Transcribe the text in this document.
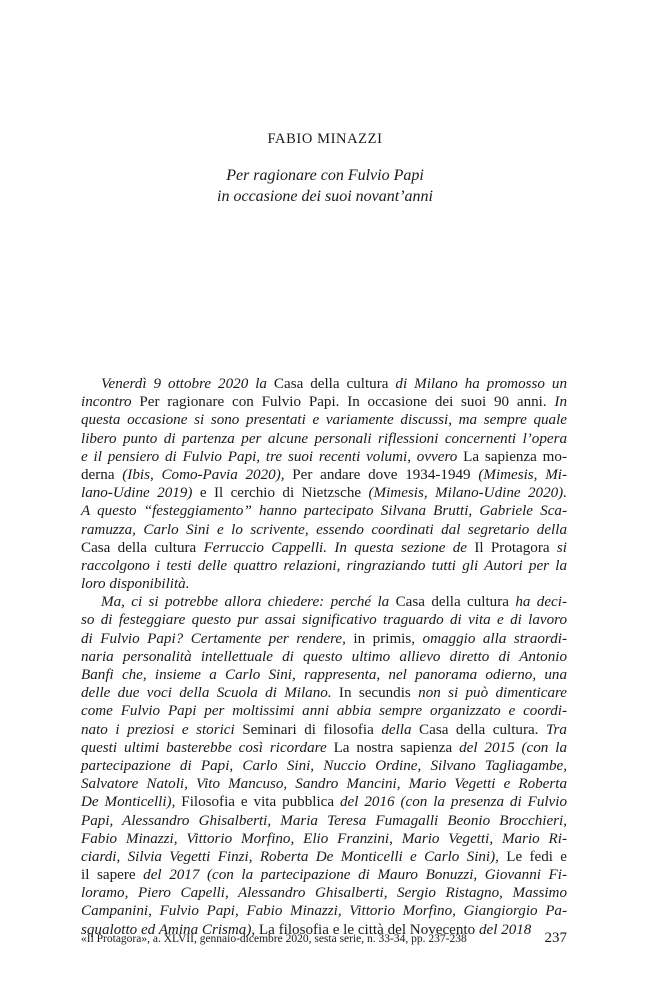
FABIO MINAZZI
Per ragionare con Fulvio Papi
in occasione dei suoi novant’anni
Venerdì 9 ottobre 2020 la Casa della cultura di Milano ha promosso un
incontro Per ragionare con Fulvio Papi. In occasione dei suoi 90 anni. In
questa occasione si sono presentati e variamente discussi, ma sempre quale
libero punto di partenza per alcune personali riflessioni concernenti l’opera
e il pensiero di Fulvio Papi, tre suoi recenti volumi, ovvero La sapienza mo-
derna (Ibis, Como-Pavia 2020), Per andare dove 1934-1949 (Mimesis, Mi-
lano-Udine 2019) e Il cerchio di Nietzsche (Mimesis, Milano-Udine 2020).
A questo “festeggiamento” hanno partecipato Silvana Brutti, Gabriele Sca-
ramuzza, Carlo Sini e lo scrivente, essendo coordinati dal segretario della
Casa della cultura Ferruccio Cappelli. In questa sezione de Il Protagora si
raccolgono i testi delle quattro relazioni, ringraziando tutti gli Autori per la
loro disponibilità.
Ma, ci si potrebbe allora chiedere: perché la Casa della cultura ha deci-
so di festeggiare questo pur assai significativo traguardo di vita e di lavoro
di Fulvio Papi? Certamente per rendere, in primis, omaggio alla straordi-
naria personalità intellettuale di questo ultimo allievo diretto di Antonio
Banfi che, insieme a Carlo Sini, rappresenta, nel panorama odierno, una
delle due voci della Scuola di Milano. In secundis non si può dimenticare
come Fulvio Papi per moltissimi anni abbia sempre organizzato e coordi-
nato i preziosi e storici Seminari di filosofia della Casa della cultura. Tra
questi ultimi basterebbe così ricordare La nostra sapienza del 2015 (con la
partecipazione di Papi, Carlo Sini, Nuccio Ordine, Silvano Tagliagambe,
Salvatore Natoli, Vito Mancuso, Sandro Mancini, Mario Vegetti e Roberta
De Monticelli), Filosofia e vita pubblica del 2016 (con la presenza di Fulvio
Papi, Alessandro Ghisalberti, Maria Teresa Fumagalli Beonio Brocchieri,
Fabio Minazzi, Vittorio Morfino, Elio Franzini, Mario Vegetti, Mario Ri-
ciardi, Silvia Vegetti Finzi, Roberta De Monticelli e Carlo Sini), Le fedi e
il sapere del 2017 (con la partecipazione di Mauro Bonuzzi, Giovanni Fi-
loramo, Piero Capelli, Alessandro Ghisalberti, Sergio Ristagno, Massimo
Campanini, Fulvio Papi, Fabio Minazzi, Vittorio Morfino, Giangiorgio Pa-
squalotto ed Amina Crisma), La filosofia e le città del Novecento del 2018
«Il Protagora», a. XLVII, gennaio-dicembre 2020, sesta serie, n. 33-34, pp. 237-238	237
